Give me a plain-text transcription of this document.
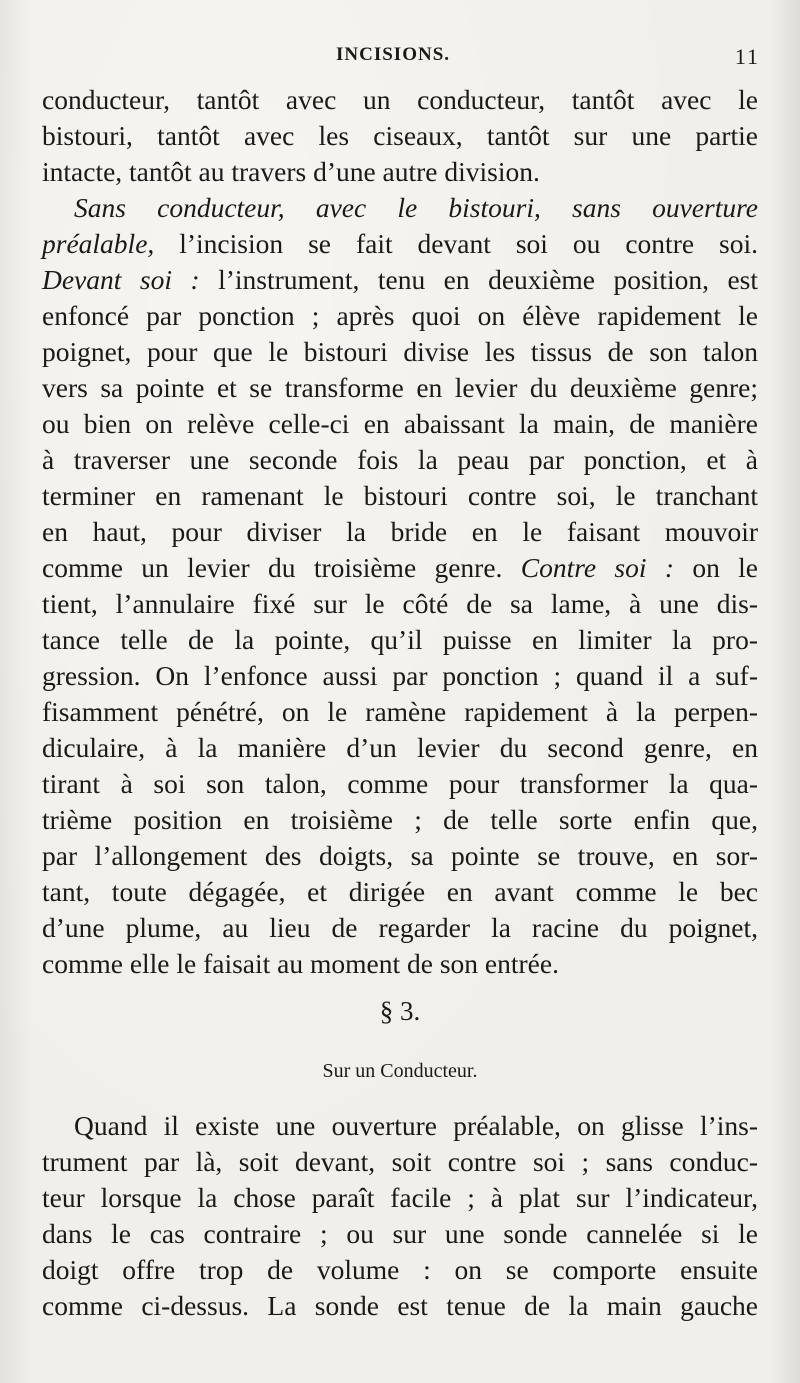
INCISIONS.	11
conducteur, tantôt avec un conducteur, tantôt avec le
bistouri, tantôt avec les ciseaux, tantôt sur une partie
intacte, tantôt au travers d’une autre division.
Sans conducteur, avec le bistouri, sans ouverture
préalable, l’incision se fait devant soi ou contre soi.
Devant soi : l’instrument, tenu en deuxième position, est
enfoncé par ponction ; après quoi on élève rapidement le
poignet, pour que le bistouri divise les tissus de son talon
vers sa pointe et se transforme en levier du deuxième genre;
ou bien on relève celle-ci en abaissant la main, de manière
à traverser une seconde fois la peau par ponction, et à
terminer en ramenant le bistouri contre soi, le tranchant
en haut, pour diviser la bride en le faisant mouvoir
comme un levier du troisième genre. Contre soi : on le
tient, l’annulaire fixé sur le côté de sa lame, à une dis-
tance telle de la pointe, qu’il puisse en limiter la pro-
gression. On l’enfonce aussi par ponction ; quand il a suf-
fisamment pénétré, on le ramène rapidement à la perpen-
diculaire, à la manière d’un levier du second genre, en
tirant à soi son talon, comme pour transformer la qua-
trième position en troisième ; de telle sorte enfin que,
par l’allongement des doigts, sa pointe se trouve, en sor-
tant, toute dégagée, et dirigée en avant comme le bec
d’une plume, au lieu de regarder la racine du poignet,
comme elle le faisait au moment de son entrée.
§ 3.
Sur un Conducteur.
Quand il existe une ouverture préalable, on glisse l’ins-
trument par là, soit devant, soit contre soi ; sans conduc-
teur lorsque la chose paraît facile ; à plat sur l’indicateur,
dans le cas contraire ; ou sur une sonde cannelée si le
doigt offre trop de volume : on se comporte ensuite
comme ci-dessus. La sonde est tenue de la main gauche
